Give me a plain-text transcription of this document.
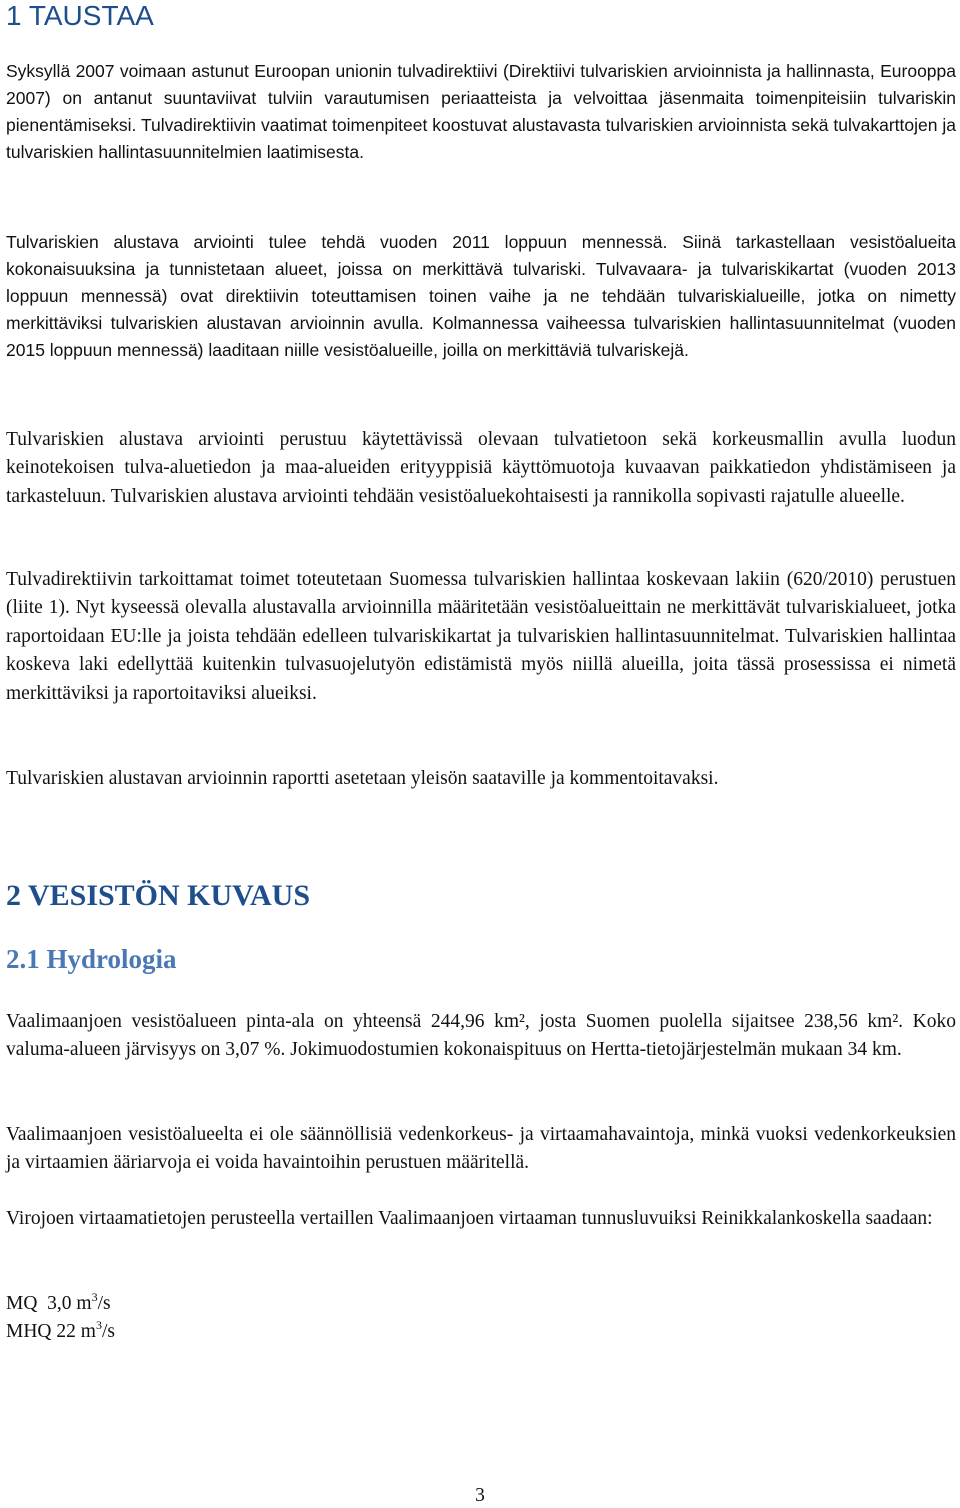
1 TAUSTAA

Syksyllä 2007 voimaan astunut Euroopan unionin tulvadirektiivi (Direktiivi tulvariskien arvioinnista ja hallinnasta, Eurooppa 2007) on antanut suuntaviivat tulviin varautumisen periaatteista ja velvoittaa jäsenmaita toimenpiteisiin tulvariskin pienentämiseksi. Tulvadirektiivin vaatimat toimenpiteet koostuvat alustavasta tulvariskien arvioinnista sekä tulvakarttojen ja tulvariskien hallintasuunnitelmien laatimisesta.

Tulvariskien alustava arviointi tulee tehdä vuoden 2011 loppuun mennessä. Siinä tarkastellaan vesistöalueita kokonaisuuksina ja tunnistetaan alueet, joissa on merkittävä tulvariski. Tulvavaara- ja tulvariskikartat (vuoden 2013 loppuun mennessä) ovat direktiivin toteuttamisen toinen vaihe ja ne tehdään tulvariskialueille, jotka on nimetty merkittäviksi tulvariskien alustavan arvioinnin avulla. Kolmannessa vaiheessa tulvariskien hallintasuunnitelmat (vuoden 2015 loppuun mennessä) laaditaan niille vesistöalueille, joilla on merkittäviä tulvariskejä.

Tulvariskien alustava arviointi perustuu käytettävissä olevaan tulvatietoon sekä korkeusmallin avulla luodun keinotekoisen tulva-aluetiedon ja maa-alueiden erityyppisiä käyttömuotoja kuvaavan paikkatiedon yhdistämiseen ja tarkasteluun. Tulvariskien alustava arviointi tehdään vesistöaluekohtaisesti ja rannikolla sopivasti rajatulle alueelle.

Tulvadirektiivin tarkoittamat toimet toteutetaan Suomessa tulvariskien hallintaa koskevaan lakiin (620/2010) perustuen (liite 1). Nyt kyseessä olevalla alustavalla arvioinnilla määritetään vesistöalueittain ne merkittävät tulvariskialueet, jotka raportoidaan EU:lle ja joista tehdään edelleen tulvariskikartat ja tulvariskien hallintasuunnitelmat. Tulvariskien hallintaa koskeva laki edellyttää kuitenkin tulvasuojelutyön edistämistä myös niillä alueilla, joita tässä prosessissa ei nimetä merkittäviksi ja raportoitaviksi alueiksi.

Tulvariskien alustavan arvioinnin raportti asetetaan yleisön saataville ja kommentoitavaksi.

2 VESISTÖN KUVAUS
2.1 Hydrologia

Vaalimaanjoen vesistöalueen pinta-ala on yhteensä 244,96 km², josta Suomen puolella sijaitsee 238,56 km². Koko valuma-alueen järvisyys on 3,07 %. Jokimuodostumien kokonaispituus on Hertta-tietojärjestelmän mukaan 34 km.

Vaalimaanjoen vesistöalueelta ei ole säännöllisiä vedenkorkeus- ja virtaamahavaintoja, minkä vuoksi vedenkorkeuksien ja virtaamien ääriarvoja ei voida havaintoihin perustuen määritellä.

Virojoen virtaamatietojen perusteella vertaillen Vaalimaanjoen virtaaman tunnusluvuiksi Reinikkalankoskella saadaan:

MQ 3,0 $m^3/s$
MHQ 22 $m^3/s$

3
